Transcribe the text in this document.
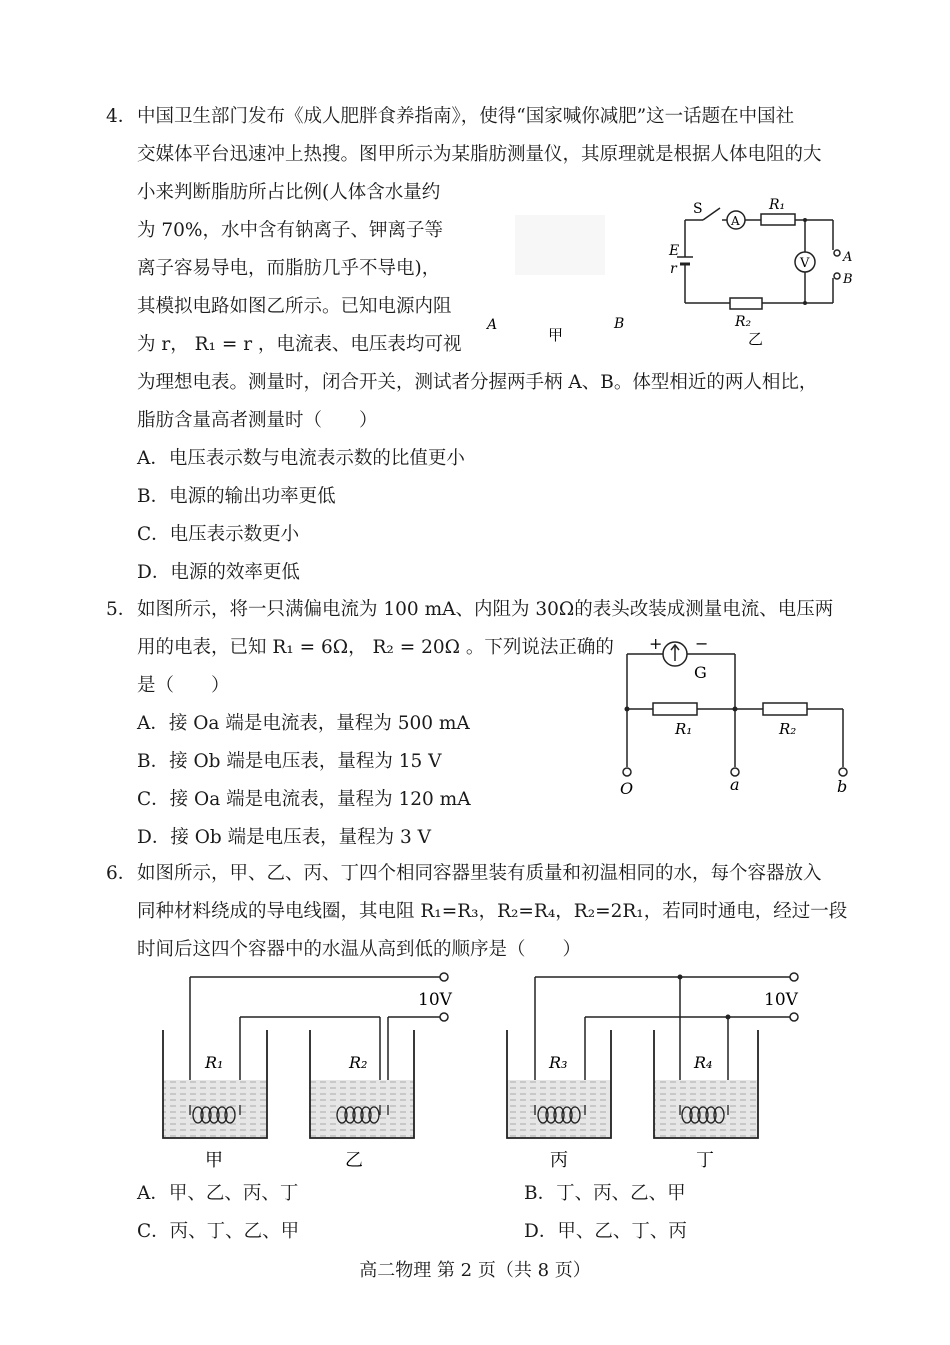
4． 中国卫生部门发布《成人肥胖食养指南》，使得“国家喊你减肥”这一话题在中国社
交媒体平台迅速冲上热搜。图甲所示为某脂肪测量仪，其原理就是根据人体电阻的大
小来判断脂肪所占比例(人体含水量约
为 70%，水中含有钠离子、钾离子等
离子容易导电，而脂肪几乎不导电)，
其模拟电路如图乙所示。已知电源内阻
为 r， R₁ = r ，电流表、电压表均可视
为理想电表。测量时，闭合开关，测试者分握两手柄 A、B。体型相近的两人相比，
脂肪含量高者测量时（　　）
A	B
甲
S
A
R₁
E
r	V	A
B
R₂
乙
A．电压表示数与电流表示数的比值更小
B．电源的输出功率更低
C．电压表示数更小
D．电源的效率更低
5． 如图所示，将一只满偏电流为 100 mA、内阻为 30Ω的表头改装成测量电流、电压两
用的电表，已知 R₁ = 6Ω， R₂ = 20Ω 。下列说法正确的
是（　　）
A．接 Oa 端是电流表，量程为 500 mA
B．接 Ob 端是电压表，量程为 15 V
C．接 Oa 端是电流表，量程为 120 mA
D．接 Ob 端是电压表，量程为 3 V
+ −
G
R₁	R₂
O	a	b
6． 如图所示，甲、乙、丙、丁四个相同容器里装有质量和初温相同的水，每个容器放入
同种材料绕成的导电线圈，其电阻 R₁=R₃，R₂=R₄，R₂=2R₁，若同时通电，经过一段
时间后这四个容器中的水温从高到低的顺序是（　　）
10V
R₁
甲
R₂
乙
10V
R₃
丙
R₄
丁
A．甲、乙、丙、丁	B．丁、丙、乙、甲
C．丙、丁、乙、甲	D．甲、乙、丁、丙
高二物理 第 2 页（共 8 页）
